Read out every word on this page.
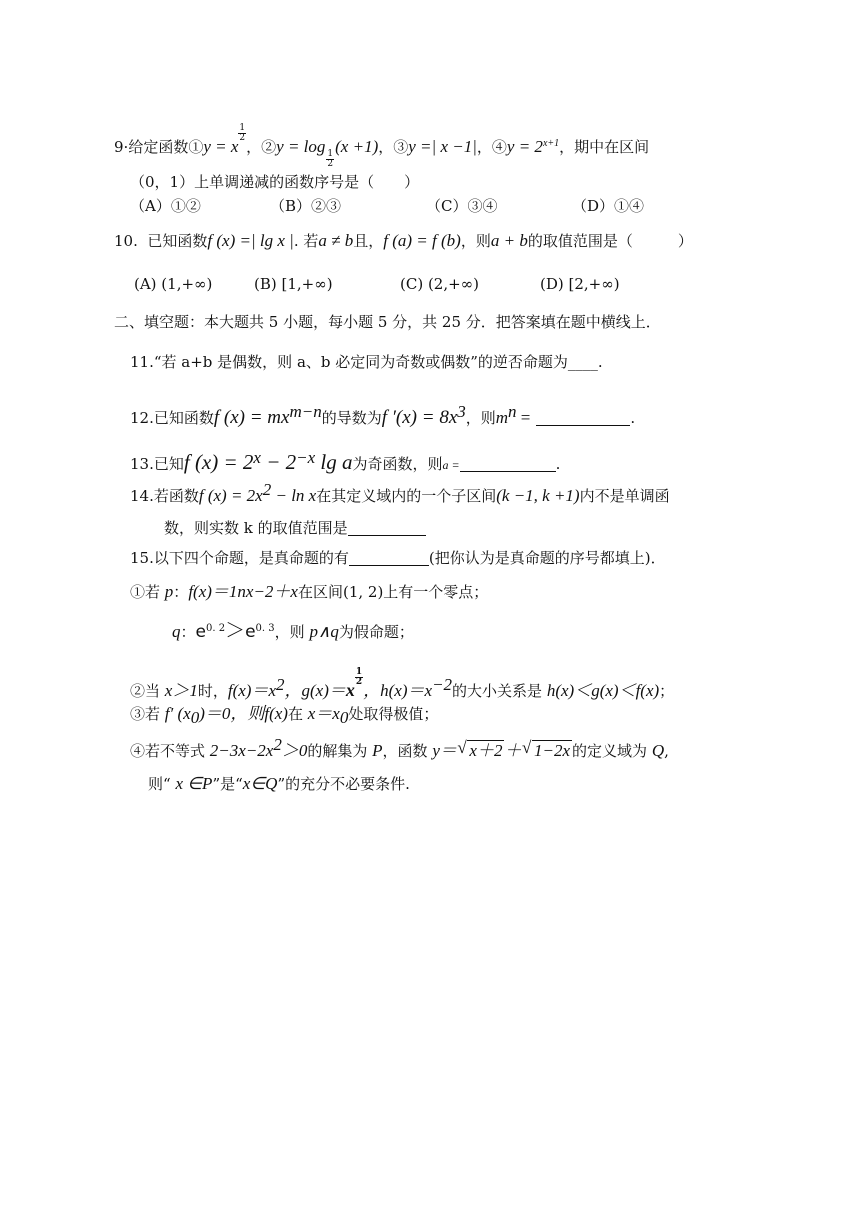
9·给定函数①y = x
$\frac{1}{2}$
，②y = log
$\frac{1}{2}$
(x +1)，③y =| x −1|，④y = $2^{x+1}$，期中在区间
（0，1）上单调递减的函数序号是（　　）
（A）①②	（B）②③	（C）③④	（D）①④
10. 已知函数f (x) =| lg x |. 若a ≠ b且，f (a) = f (b)，则a + b的取值范围是（　　　）
(A) (1,+∞)	(B) [1,+∞)	(C) (2,+∞)	(D) [2,+∞)
二、填空题：本大题共 5 小题，每小题 5 分，共 25 分．把答案填在题中横线上．
11.“若 a+b 是偶数，则 a、b 必定同为奇数或偶数”的逆否命题为____.
12.已知函数f $(x) = mx^{m-n}$的导数为f $'(x) = 8x^3$，则$m^n$ =	.
13.已知f $(x) = 2^x - 2^{-x}$ lg a为奇函数，则a =	.
14.若函数f $(x) = 2x^2 - \ln x$在其定义域内的一个子区间(k −1, k +1)内不是单调函
数，则实数 k 的取值范围是
15.以下四个命题，是真命题的有	(把你认为是真命题的序号都填上)．
①若 p：f(x)＝1nx−2＋x在区间(1, 2)上有一个零点；
q：$e^{0. 2}>e^{0. 3}$，则 p∧q为假命题；
②当 x＞1时，$f(x)=x^2$，g(x)＝x
$\frac{1}{2}$
，$h(x)=x^{-2}$的大小关系是 h(x)＜g(x)＜f(x)；
③若 f′ $(x_0)=0$，则f(x)在 $x=x_0$处取得极值；
④若不等式 $2-3x-2x^2>0$的解集为 P，函数 y＝ √ x＋2 ＋ √ 1−2x 的定义域为 Q,
则“ x ∈P”是“x∈Q”的充分不必要条件.
